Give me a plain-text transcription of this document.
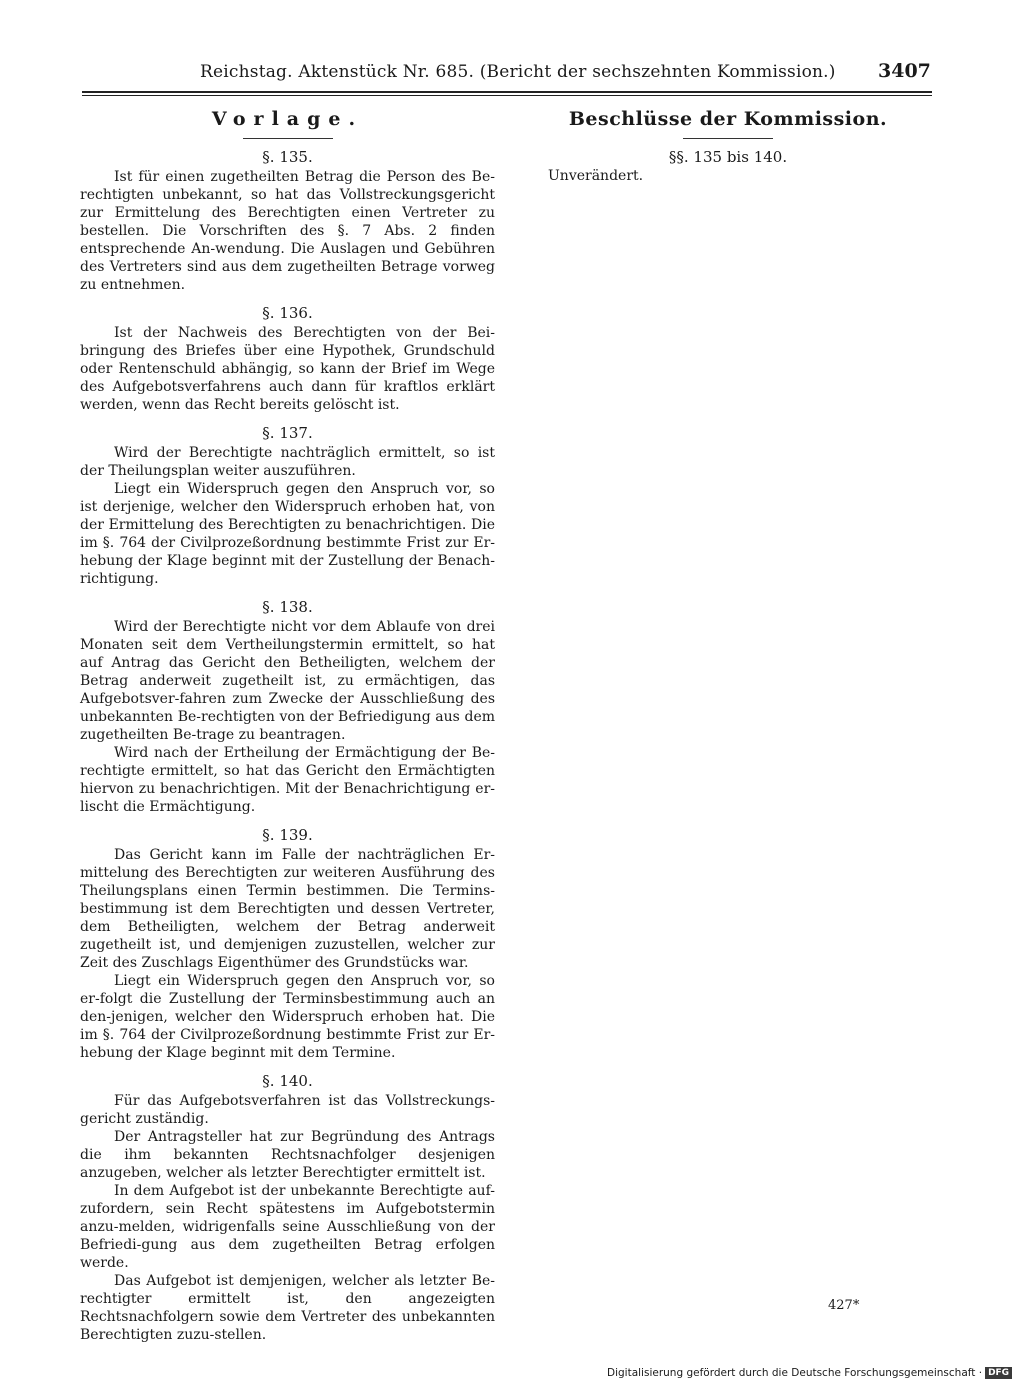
Reichstag. Aktenstück Nr. 685. (Bericht der sechszehnten Kommission.) 3407
Vorlage.
§. 135.

Ist für einen zugetheilten Betrag die Person des Be-rechtigten unbekannt, so hat das Vollstreckungsgericht zur Ermittelung des Berechtigten einen Vertreter zu bestellen. Die Vorschriften des §. 7 Abs. 2 finden entsprechende An-wendung. Die Auslagen und Gebühren des Vertreters sind aus dem zugetheilten Betrage vorweg zu entnehmen.

§. 136.

Ist der Nachweis des Berechtigten von der Bei-bringung des Briefes über eine Hypothek, Grundschuld oder Rentenschuld abhängig, so kann der Brief im Wege des Aufgebotsverfahrens auch dann für kraftlos erklärt werden, wenn das Recht bereits gelöscht ist.

§. 137.

Wird der Berechtigte nachträglich ermittelt, so ist der Theilungsplan weiter auszuführen.

Liegt ein Widerspruch gegen den Anspruch vor, so ist derjenige, welcher den Widerspruch erhoben hat, von der Ermittelung des Berechtigten zu benachrichtigen. Die im §. 764 der Civilprozeßordnung bestimmte Frist zur Er-hebung der Klage beginnt mit der Zustellung der Benach-richtigung.

§. 138.

Wird der Berechtigte nicht vor dem Ablaufe von drei Monaten seit dem Vertheilungstermin ermittelt, so hat auf Antrag das Gericht den Betheiligten, welchem der Betrag anderweit zugetheilt ist, zu ermächtigen, das Aufgebotsver-fahren zum Zwecke der Ausschließung des unbekannten Be-rechtigten von der Befriedigung aus dem zugetheilten Be-trage zu beantragen.

Wird nach der Ertheilung der Ermächtigung der Be-rechtigte ermittelt, so hat das Gericht den Ermächtigten hiervon zu benachrichtigen. Mit der Benachrichtigung er-lischt die Ermächtigung.

§. 139.

Das Gericht kann im Falle der nachträglichen Er-mittelung des Berechtigten zur weiteren Ausführung des Theilungsplans einen Termin bestimmen. Die Termins-bestimmung ist dem Berechtigten und dessen Vertreter, dem Betheiligten, welchem der Betrag anderweit zugetheilt ist, und demjenigen zuzustellen, welcher zur Zeit des Zuschlags Eigenthümer des Grundstücks war.

Liegt ein Widerspruch gegen den Anspruch vor, so er-folgt die Zustellung der Terminsbestimmung auch an den-jenigen, welcher den Widerspruch erhoben hat. Die im §. 764 der Civilprozeßordnung bestimmte Frist zur Er-hebung der Klage beginnt mit dem Termine.

§. 140.

Für das Aufgebotsverfahren ist das Vollstreckungs-gericht zuständig.

Der Antragsteller hat zur Begründung des Antrags die ihm bekannten Rechtsnachfolger desjenigen anzugeben, welcher als letzter Berechtigter ermittelt ist.

In dem Aufgebot ist der unbekannte Berechtigte auf-zufordern, sein Recht spätestens im Aufgebotstermin anzu-melden, widrigenfalls seine Ausschließung von der Befriedi-gung aus dem zugetheilten Betrag erfolgen werde.

Das Aufgebot ist demjenigen, welcher als letzter Be-rechtigter ermittelt ist, den angezeigten Rechtsnachfolgern sowie dem Vertreter des unbekannten Berechtigten zuzu-stellen.

Beschlüsse der Kommission.
§§. 135 bis 140.

Unverändert.

427*
Digitalisierung gefördert durch die Deutsche Forschungsgemeinschaft · DFG
